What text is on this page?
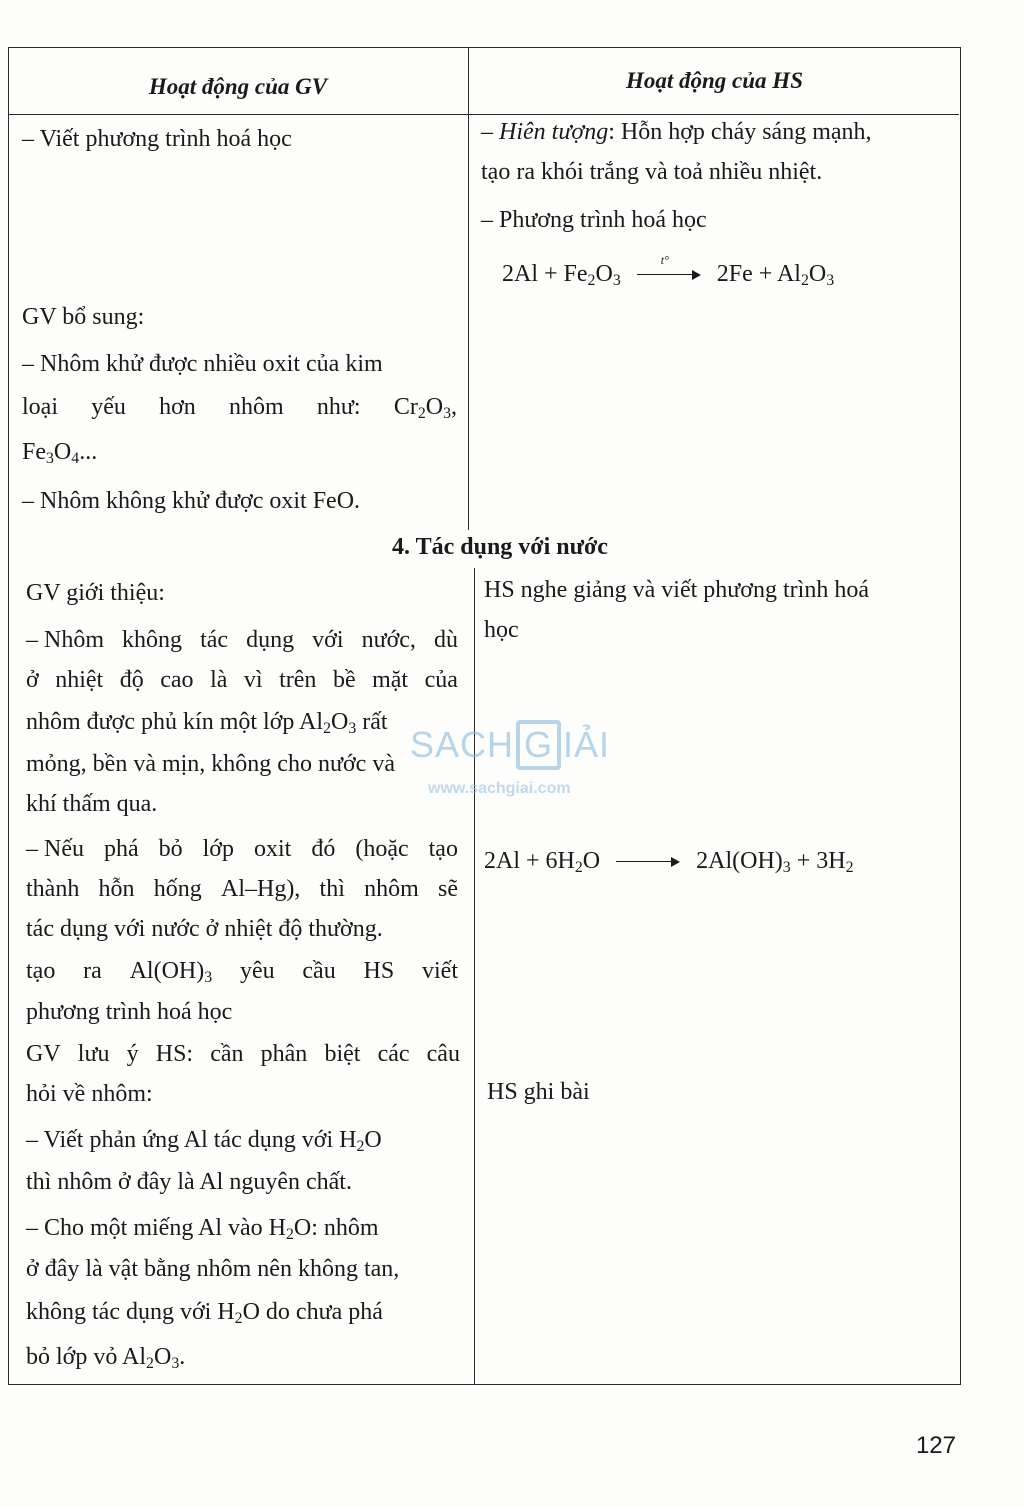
Hoạt động của GV	Hoạt động của HS
– Viết phương trình hoá học
GV bổ sung:
– Nhôm khử được nhiều oxit của kim
loại yếu hơn nhôm như: $Cr_2O_3$,
$Fe_3O_4$...
– Nhôm không khử được oxit FeO.
– Hiên tượng: Hỗn hợp cháy sáng mạnh,
tạo ra khói trắng và toả nhiều nhiệt.
– Phương trình hoá học
$2Al + Fe_2O_3$
t°
$2Fe + Al_2O_3$
4. Tác dụng với nước
GV giới thiệu:
– Nhôm không tác dụng với nước, dù
ở nhiệt độ cao là vì trên bề mặt của
nhôm được phủ kín một lớp $Al_2O_3$ rất
mỏng, bền và mịn, không cho nước và
khí thấm qua.
– Nếu phá bỏ lớp oxit đó (hoặc tạo
thành hỗn hống Al–Hg), thì nhôm sẽ
tác dụng với nước ở nhiệt độ thường.
tạo ra $Al(OH)_3$ yêu cầu HS viết
phương trình hoá học
GV lưu ý HS: cần phân biệt các câu
hỏi về nhôm:
– Viết phản ứng Al tác dụng với $H_2O$
thì nhôm ở đây là Al nguyên chất.
– Cho một miếng Al vào $H_2O$: nhôm
ở đây là vật bằng nhôm nên không tan,
không tác dụng với $H_2O$ do chưa phá
bỏ lớp vỏ $Al_2O_3$.
HS nghe giảng và viết phương trình hoá
học
$2Al + 6H_2O$	$2Al(OH)_3 + 3H_2$
HS ghi bài
SACH G IẢI
www.sachgiai.com
127
